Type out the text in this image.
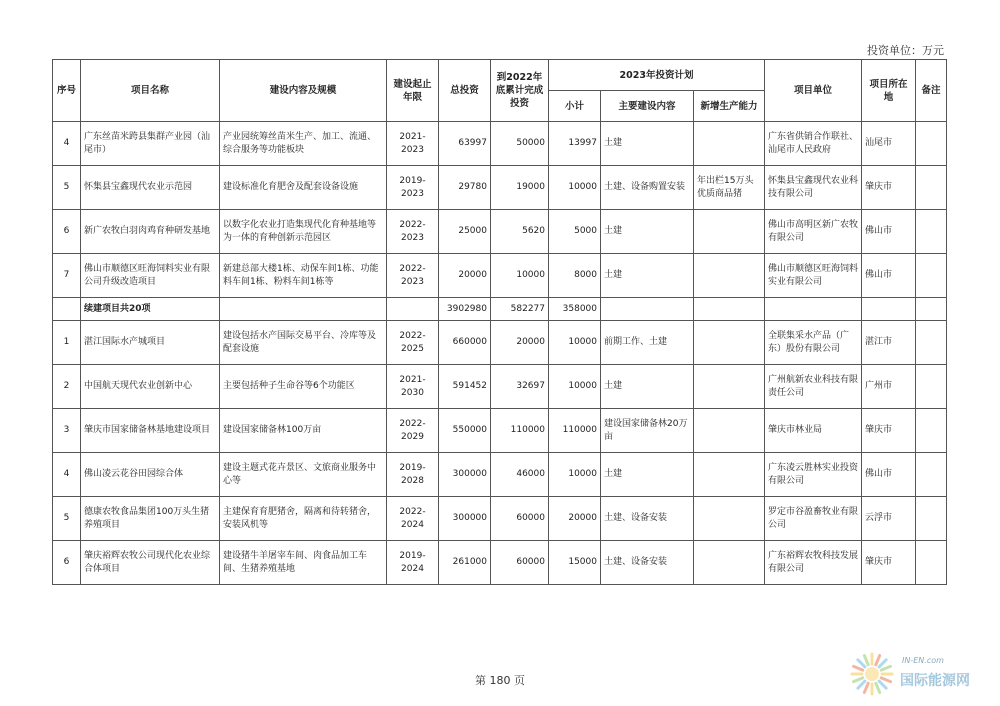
投资单位：万元
序号	项目名称	建设内容及规模	建设起止年限	总投资	到2022年底累计完成投资	2023年投资计划			项目单位	项目所在地	备注
						小计	主要建设内容	新增生产能力			
4	广东丝苗米跨县集群产业园（汕尾市）	产业园统筹丝苗米生产、加工、流通、综合服务等功能板块	2021-2023	63997	50000	13997	土建		广东省供销合作联社、汕尾市人民政府	汕尾市	
5	怀集县宝鑫现代农业示范园	建设标准化育肥舍及配套设备设施	2019-2023	29780	19000	10000	土建、设备购置安装	年出栏15万头优质商品猪	怀集县宝鑫现代农业科技有限公司	肇庆市	
6	新广农牧白羽肉鸡育种研发基地	以数字化农业打造集现代化育种基地等为一体的育种创新示范园区	2022-2023	25000	5620	5000	土建		佛山市高明区新广农牧有限公司	佛山市	
7	佛山市顺德区旺海饲料实业有限公司升级改造项目	新建总部大楼1栋、动保车间1栋、功能料车间1栋、粉料车间1栋等	2022-2023	20000	10000	8000	土建		佛山市顺德区旺海饲料实业有限公司	佛山市	
	续建项目共20项			3902980	582277	358000					
1	湛江国际水产城项目	建设包括水产国际交易平台、冷库等及配套设施	2022-2025	660000	20000	10000	前期工作、土建		全联集采水产品（广东）股份有限公司	湛江市	
2	中国航天现代农业创新中心	主要包括种子生命谷等6个功能区	2021-2030	591452	32697	10000	土建		广州航新农业科技有限责任公司	广州市	
3	肇庆市国家储备林基地建设项目	建设国家储备林100万亩	2022-2029	550000	110000	110000	建设国家储备林20万亩		肇庆市林业局	肇庆市	
4	佛山凌云花谷田园综合体	建设主题式花卉景区、文旅商业服务中心等	2019-2028	300000	46000	10000	土建		广东凌云胜林实业投资有限公司	佛山市	
5	德康农牧食品集团100万头生猪养殖项目	主建保育育肥猪舍，隔离和待转猪舍，安装风机等	2022-2024	300000	60000	20000	土建、设备安装		罗定市谷盈畜牧业有限公司	云浮市	
6	肇庆裕辉农牧公司现代化农业综合体项目	建设猪牛羊屠宰车间、肉食品加工车间、生猪养殖基地	2019-2024	261000	60000	15000	土建、设备安装		广东裕辉农牧科技发展有限公司	肇庆市	
第 180 页
IN-EN.com
国际能源网
